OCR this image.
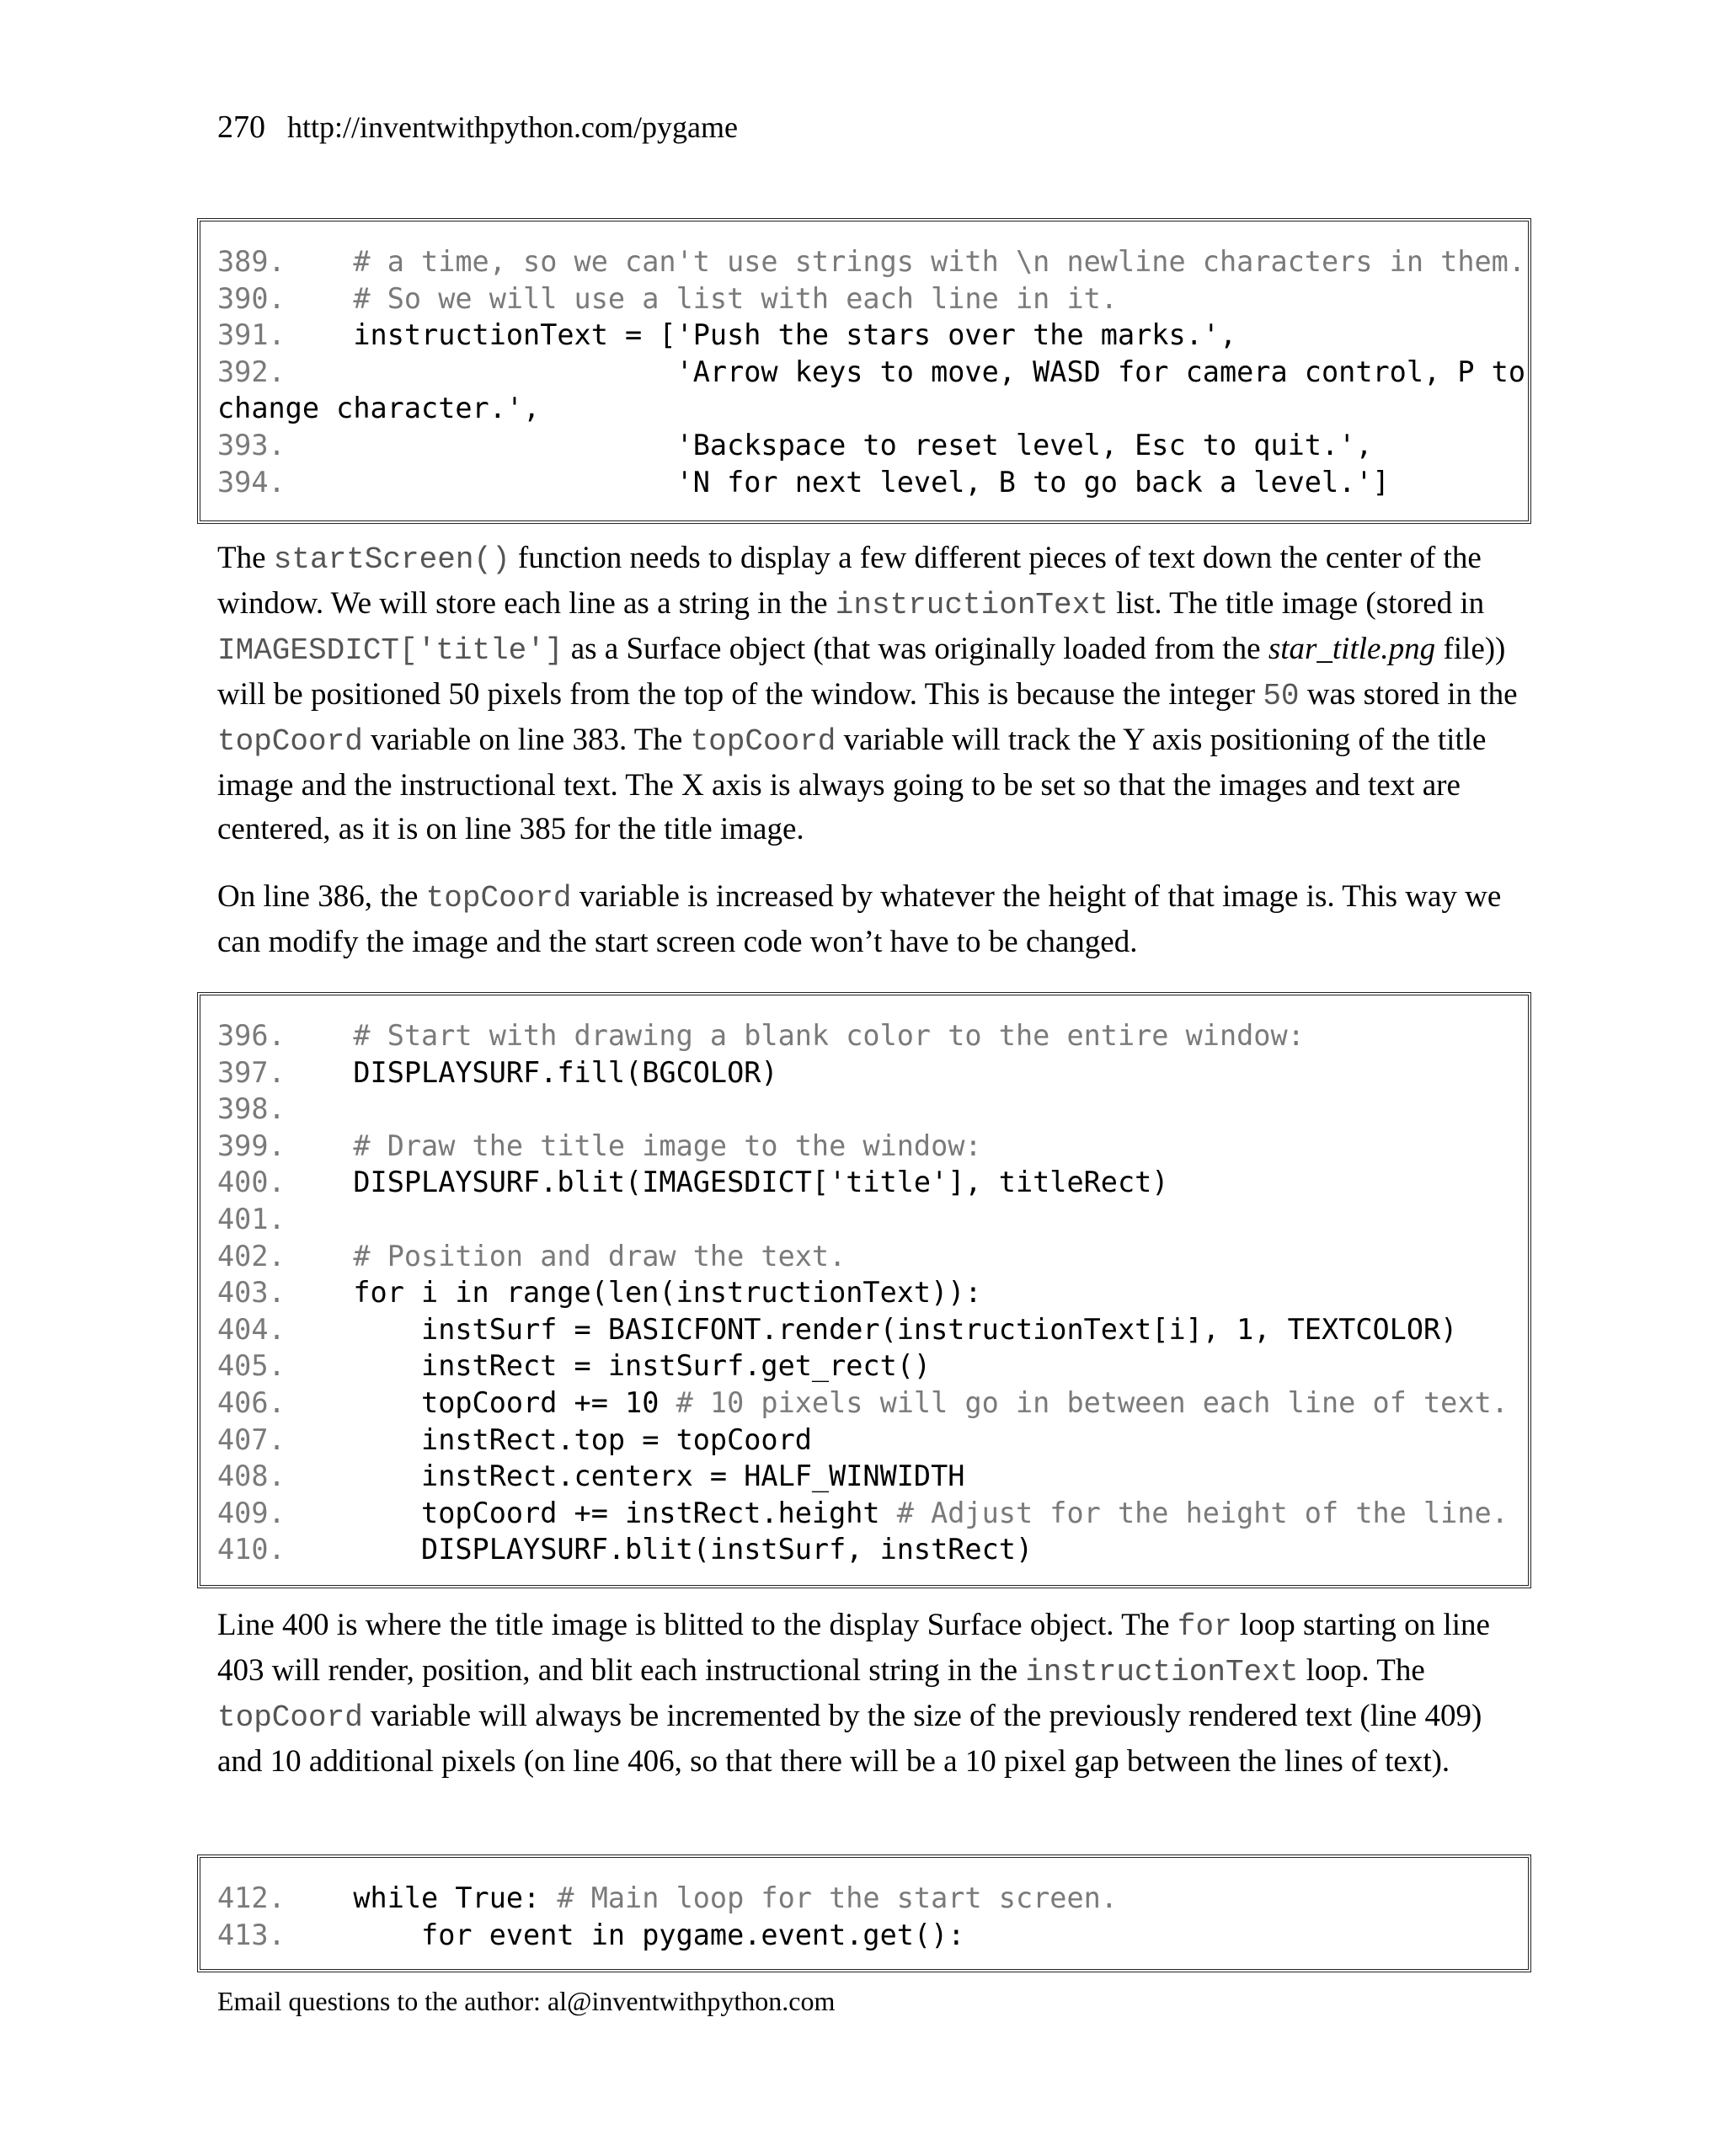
270 http://inventwithpython.com/pygame
389.    # a time, so we can't use strings with \n newline characters in them.
390.    # So we will use a list with each line in it.
391.    instructionText = ['Push the stars over the marks.',
392.                       'Arrow keys to move, WASD for camera control, P to
change character.',
393.                       'Backspace to reset level, Esc to quit.',
394.                       'N for next level, B to go back a level.']

The startScreen() function needs to display a few different pieces of text down the center of the window. We will store each line as a string in the instructionText list. The title image (stored in IMAGESDICT['title'] as a Surface object (that was originally loaded from the star_title.png file)) will be positioned 50 pixels from the top of the window. This is because the integer 50 was stored in the topCoord variable on line 383. The topCoord variable will track the Y axis positioning of the title image and the instructional text. The X axis is always going to be set so that the images and text are centered, as it is on line 385 for the title image.

On line 386, the topCoord variable is increased by whatever the height of that image is. This way we can modify the image and the start screen code won’t have to be changed.

396.    # Start with drawing a blank color to the entire window:
397.    DISPLAYSURF.fill(BGCOLOR)
398.
399.    # Draw the title image to the window:
400.    DISPLAYSURF.blit(IMAGESDICT['title'], titleRect)
401.
402.    # Position and draw the text.
403.    for i in range(len(instructionText)):
404.        instSurf = BASICFONT.render(instructionText[i], 1, TEXTCOLOR)
405.        instRect = instSurf.get_rect()
406.        topCoord += 10 # 10 pixels will go in between each line of text.
407.        instRect.top = topCoord
408.        instRect.centerx = HALF_WINWIDTH
409.        topCoord += instRect.height # Adjust for the height of the line.
410.        DISPLAYSURF.blit(instSurf, instRect)

Line 400 is where the title image is blitted to the display Surface object. The for loop starting on line 403 will render, position, and blit each instructional string in the instructionText loop. The topCoord variable will always be incremented by the size of the previously rendered text (line 409) and 10 additional pixels (on line 406, so that there will be a 10 pixel gap between the lines of text).

412.    while True: # Main loop for the start screen.
413.        for event in pygame.event.get():
Email questions to the author: al@inventwithpython.com
